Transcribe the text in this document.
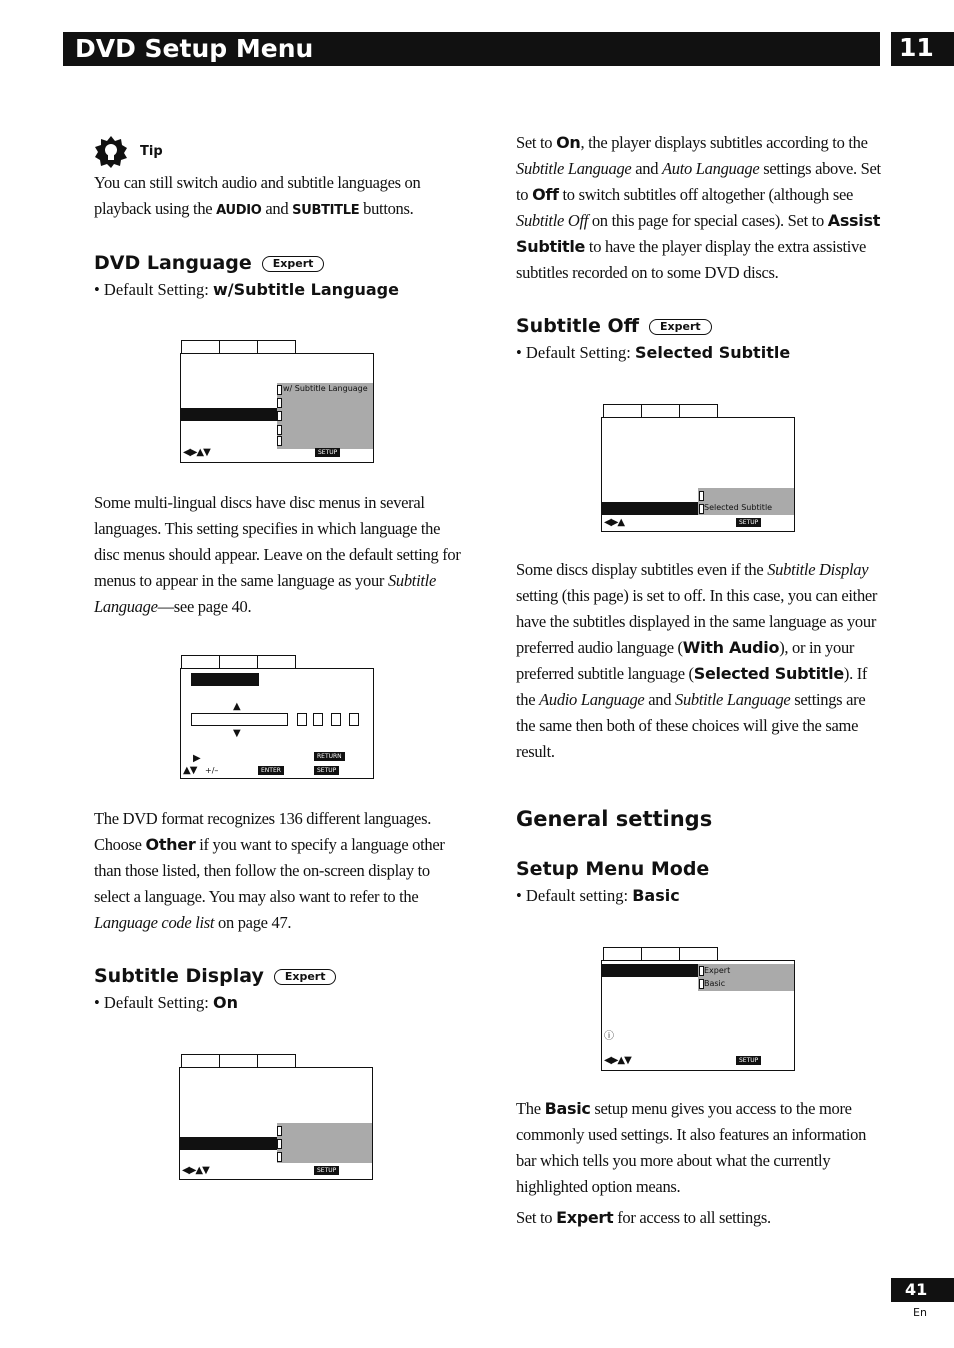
DVD Setup Menu	11
Tip
You can still switch audio and subtitle languages on playback using the AUDIO and SUBTITLE buttons.
DVD Language Expert
• Default Setting: w/Subtitle Language
w/ Subtitle Language
◀▶▲▼	SETUP
Some multi-lingual discs have disc menus in several languages. This setting specifies in which language the disc menus should appear. Leave on the default setting for menus to appear in the same language as your Subtitle Language—see page 40.
▲
▼
▶
▲▼ +/–	ENTER
RETURN
SETUP
The DVD format recognizes 136 different languages. Choose Other if you want to specify a language other than those listed, then follow the on-screen display to select a language. You may also want to refer to the Language code list on page 47.
Subtitle Display Expert
• Default Setting: On
◀▶▲▼	SETUP
Set to On, the player displays subtitles according to the Subtitle Language and Auto Language settings above. Set to Off to switch subtitles off altogether (although see Subtitle Off on this page for special cases). Set to Assist Subtitle to have the player display the extra assistive subtitles recorded on to some DVD discs.
Subtitle Off Expert
• Default Setting: Selected Subtitle
Selected Subtitle
◀▶▲	SETUP
Some discs display subtitles even if the Subtitle Display setting (this page) is set to off. In this case, you can either have the subtitles displayed in the same language as your preferred audio language (With Audio), or in your preferred subtitle language (Selected Subtitle). If the Audio Language and Subtitle Language settings are the same then both of these choices will give the same result.
General settings
Setup Menu Mode
• Default setting: Basic
Expert
Basic
ⓘ
◀▶▲▼	SETUP
The Basic setup menu gives you access to the more commonly used settings. It also features an information bar which tells you more about what the currently highlighted option means.
Set to Expert for access to all settings.
41
En
